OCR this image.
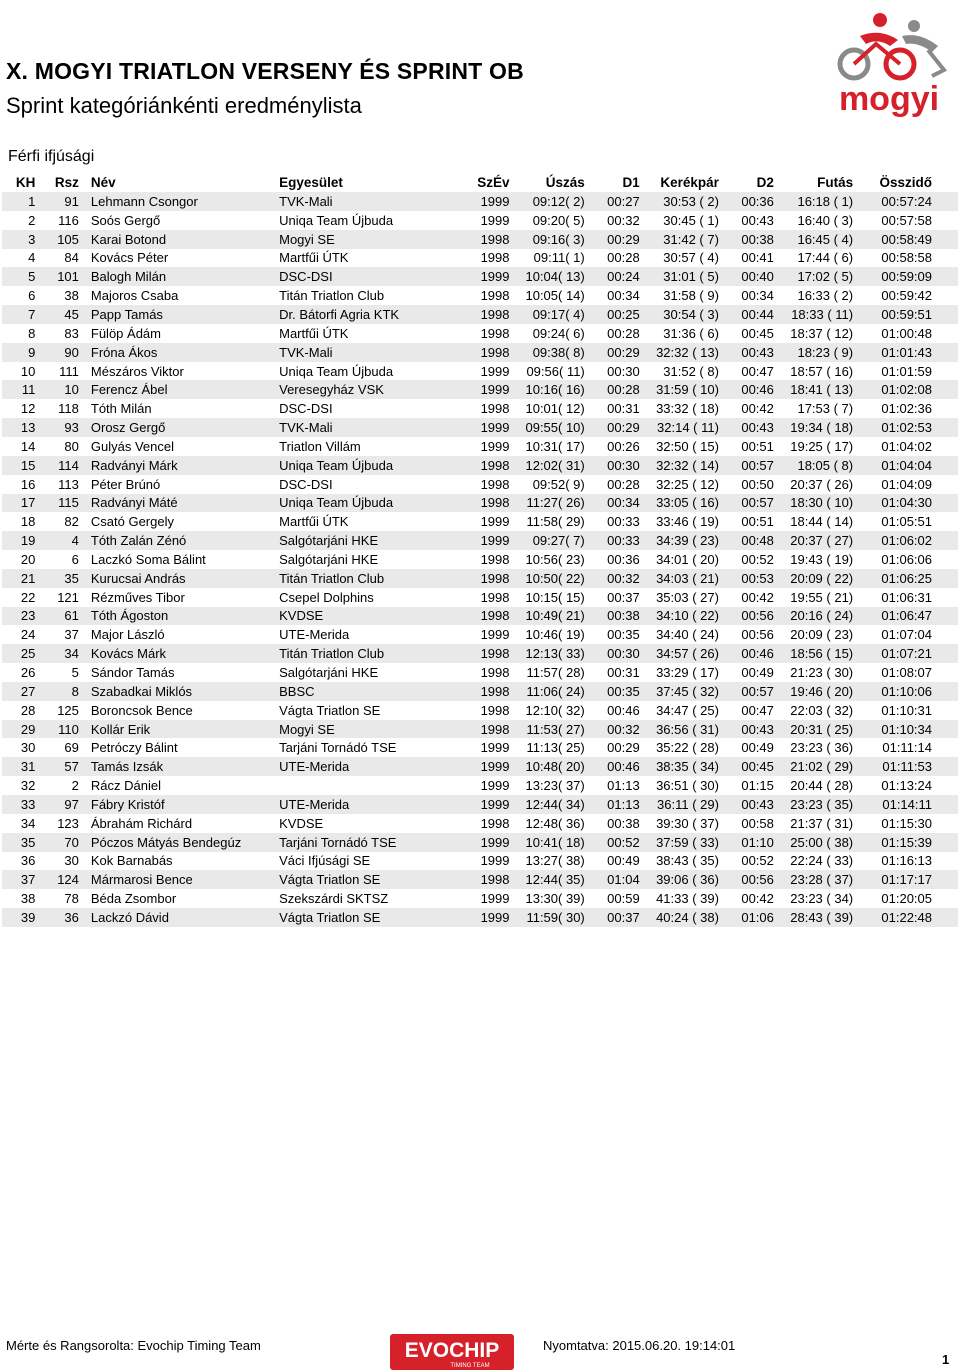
X. MOGYI TRIATLON VERSENY ÉS SPRINT OB
Sprint kategóriánkénti eredménylista	mogyi
Férfi ifjúsági
KH	Rsz	Név	Egyesület	SzÉv	Úszás	D1	Kerékpár	D2	Futás	Összidő
1	91	Lehmann Csongor	TVK-Mali	1999	09:12( 2)	00:27	30:53 ( 2)	00:36	16:18 ( 1)	00:57:24
2	116	Soós Gergő	Uniqa Team Újbuda	1999	09:20( 5)	00:32	30:45 ( 1)	00:43	16:40 ( 3)	00:57:58
3	105	Karai Botond	Mogyi SE	1998	09:16( 3)	00:29	31:42 ( 7)	00:38	16:45 ( 4)	00:58:49
4	84	Kovács Péter	Martfűi ÚTK	1998	09:11( 1)	00:28	30:57 ( 4)	00:41	17:44 ( 6)	00:58:58
5	101	Balogh Milán	DSC-DSI	1999	10:04( 13)	00:24	31:01 ( 5)	00:40	17:02 ( 5)	00:59:09
6	38	Majoros Csaba	Titán Triatlon Club	1998	10:05( 14)	00:34	31:58 ( 9)	00:34	16:33 ( 2)	00:59:42
7	45	Papp Tamás	Dr. Bátorfi Agria KTK	1998	09:17( 4)	00:25	30:54 ( 3)	00:44	18:33 ( 11)	00:59:51
8	83	Fülöp Ádám	Martfűi ÚTK	1998	09:24( 6)	00:28	31:36 ( 6)	00:45	18:37 ( 12)	01:00:48
9	90	Fróna Ákos	TVK-Mali	1998	09:38( 8)	00:29	32:32 ( 13)	00:43	18:23 ( 9)	01:01:43
10	111	Mészáros Viktor	Uniqa Team Újbuda	1999	09:56( 11)	00:30	31:52 ( 8)	00:47	18:57 ( 16)	01:01:59
11	10	Ferencz Ábel	Veresegyház VSK	1999	10:16( 16)	00:28	31:59 ( 10)	00:46	18:41 ( 13)	01:02:08
12	118	Tóth Milán	DSC-DSI	1998	10:01( 12)	00:31	33:32 ( 18)	00:42	17:53 ( 7)	01:02:36
13	93	Orosz Gergő	TVK-Mali	1999	09:55( 10)	00:29	32:14 ( 11)	00:43	19:34 ( 18)	01:02:53
14	80	Gulyás Vencel	Triatlon Villám	1999	10:31( 17)	00:26	32:50 ( 15)	00:51	19:25 ( 17)	01:04:02
15	114	Radványi Márk	Uniqa Team Újbuda	1998	12:02( 31)	00:30	32:32 ( 14)	00:57	18:05 ( 8)	01:04:04
16	113	Péter Brúnó	DSC-DSI	1998	09:52( 9)	00:28	32:25 ( 12)	00:50	20:37 ( 26)	01:04:09
17	115	Radványi Máté	Uniqa Team Újbuda	1998	11:27( 26)	00:34	33:05 ( 16)	00:57	18:30 ( 10)	01:04:30
18	82	Csató Gergely	Martfűi ÚTK	1999	11:58( 29)	00:33	33:46 ( 19)	00:51	18:44 ( 14)	01:05:51
19	4	Tóth Zalán Zénó	Salgótarjáni HKE	1999	09:27( 7)	00:33	34:39 ( 23)	00:48	20:37 ( 27)	01:06:02
20	6	Laczkó Soma Bálint	Salgótarjáni HKE	1998	10:56( 23)	00:36	34:01 ( 20)	00:52	19:43 ( 19)	01:06:06
21	35	Kurucsai András	Titán Triatlon Club	1998	10:50( 22)	00:32	34:03 ( 21)	00:53	20:09 ( 22)	01:06:25
22	121	Rézműves Tibor	Csepel Dolphins	1998	10:15( 15)	00:37	35:03 ( 27)	00:42	19:55 ( 21)	01:06:31
23	61	Tóth Ágoston	KVDSE	1998	10:49( 21)	00:38	34:10 ( 22)	00:56	20:16 ( 24)	01:06:47
24	37	Major László	UTE-Merida	1999	10:46( 19)	00:35	34:40 ( 24)	00:56	20:09 ( 23)	01:07:04
25	34	Kovács Márk	Titán Triatlon Club	1998	12:13( 33)	00:30	34:57 ( 26)	00:46	18:56 ( 15)	01:07:21
26	5	Sándor Tamás	Salgótarjáni HKE	1998	11:57( 28)	00:31	33:29 ( 17)	00:49	21:23 ( 30)	01:08:07
27	8	Szabadkai Miklós	BBSC	1998	11:06( 24)	00:35	37:45 ( 32)	00:57	19:46 ( 20)	01:10:06
28	125	Boroncsok Bence	Vágta Triatlon SE	1998	12:10( 32)	00:46	34:47 ( 25)	00:47	22:03 ( 32)	01:10:31
29	110	Kollár Erik	Mogyi SE	1998	11:53( 27)	00:32	36:56 ( 31)	00:43	20:31 ( 25)	01:10:34
30	69	Petróczy Bálint	Tarjáni Tornádó TSE	1999	11:13( 25)	00:29	35:22 ( 28)	00:49	23:23 ( 36)	01:11:14
31	57	Tamás Izsák	UTE-Merida	1999	10:48( 20)	00:46	38:35 ( 34)	00:45	21:02 ( 29)	01:11:53
32	2	Rácz Dániel		1999	13:23( 37)	01:13	36:51 ( 30)	01:15	20:44 ( 28)	01:13:24
33	97	Fábry Kristóf	UTE-Merida	1999	12:44( 34)	01:13	36:11 ( 29)	00:43	23:23 ( 35)	01:14:11
34	123	Ábrahám Richárd	KVDSE	1998	12:48( 36)	00:38	39:30 ( 37)	00:58	21:37 ( 31)	01:15:30
35	70	Póczos Mátyás Bendegúz	Tarjáni Tornádó TSE	1999	10:41( 18)	00:52	37:59 ( 33)	01:10	25:00 ( 38)	01:15:39
36	30	Kok Barnabás	Váci Ifjúsági SE	1999	13:27( 38)	00:49	38:43 ( 35)	00:52	22:24 ( 33)	01:16:13
37	124	Mármarosi Bence	Vágta Triatlon SE	1998	12:44( 35)	01:04	39:06 ( 36)	00:56	23:28 ( 37)	01:17:17
38	78	Béda Zsombor	Szekszárdi SKTSZ	1999	13:30( 39)	00:59	41:33 ( 39)	00:42	23:23 ( 34)	01:20:05
39	36	Lackzó Dávid	Vágta Triatlon SE	1999	11:59( 30)	00:37	40:24 ( 38)	01:06	28:43 ( 39)	01:22:48
Mérte és Rangsorolta: Evochip Timing Team	EVOCHIP
TIMING TEAM
Nyomtatva: 2015.06.20. 19:14:01
1
